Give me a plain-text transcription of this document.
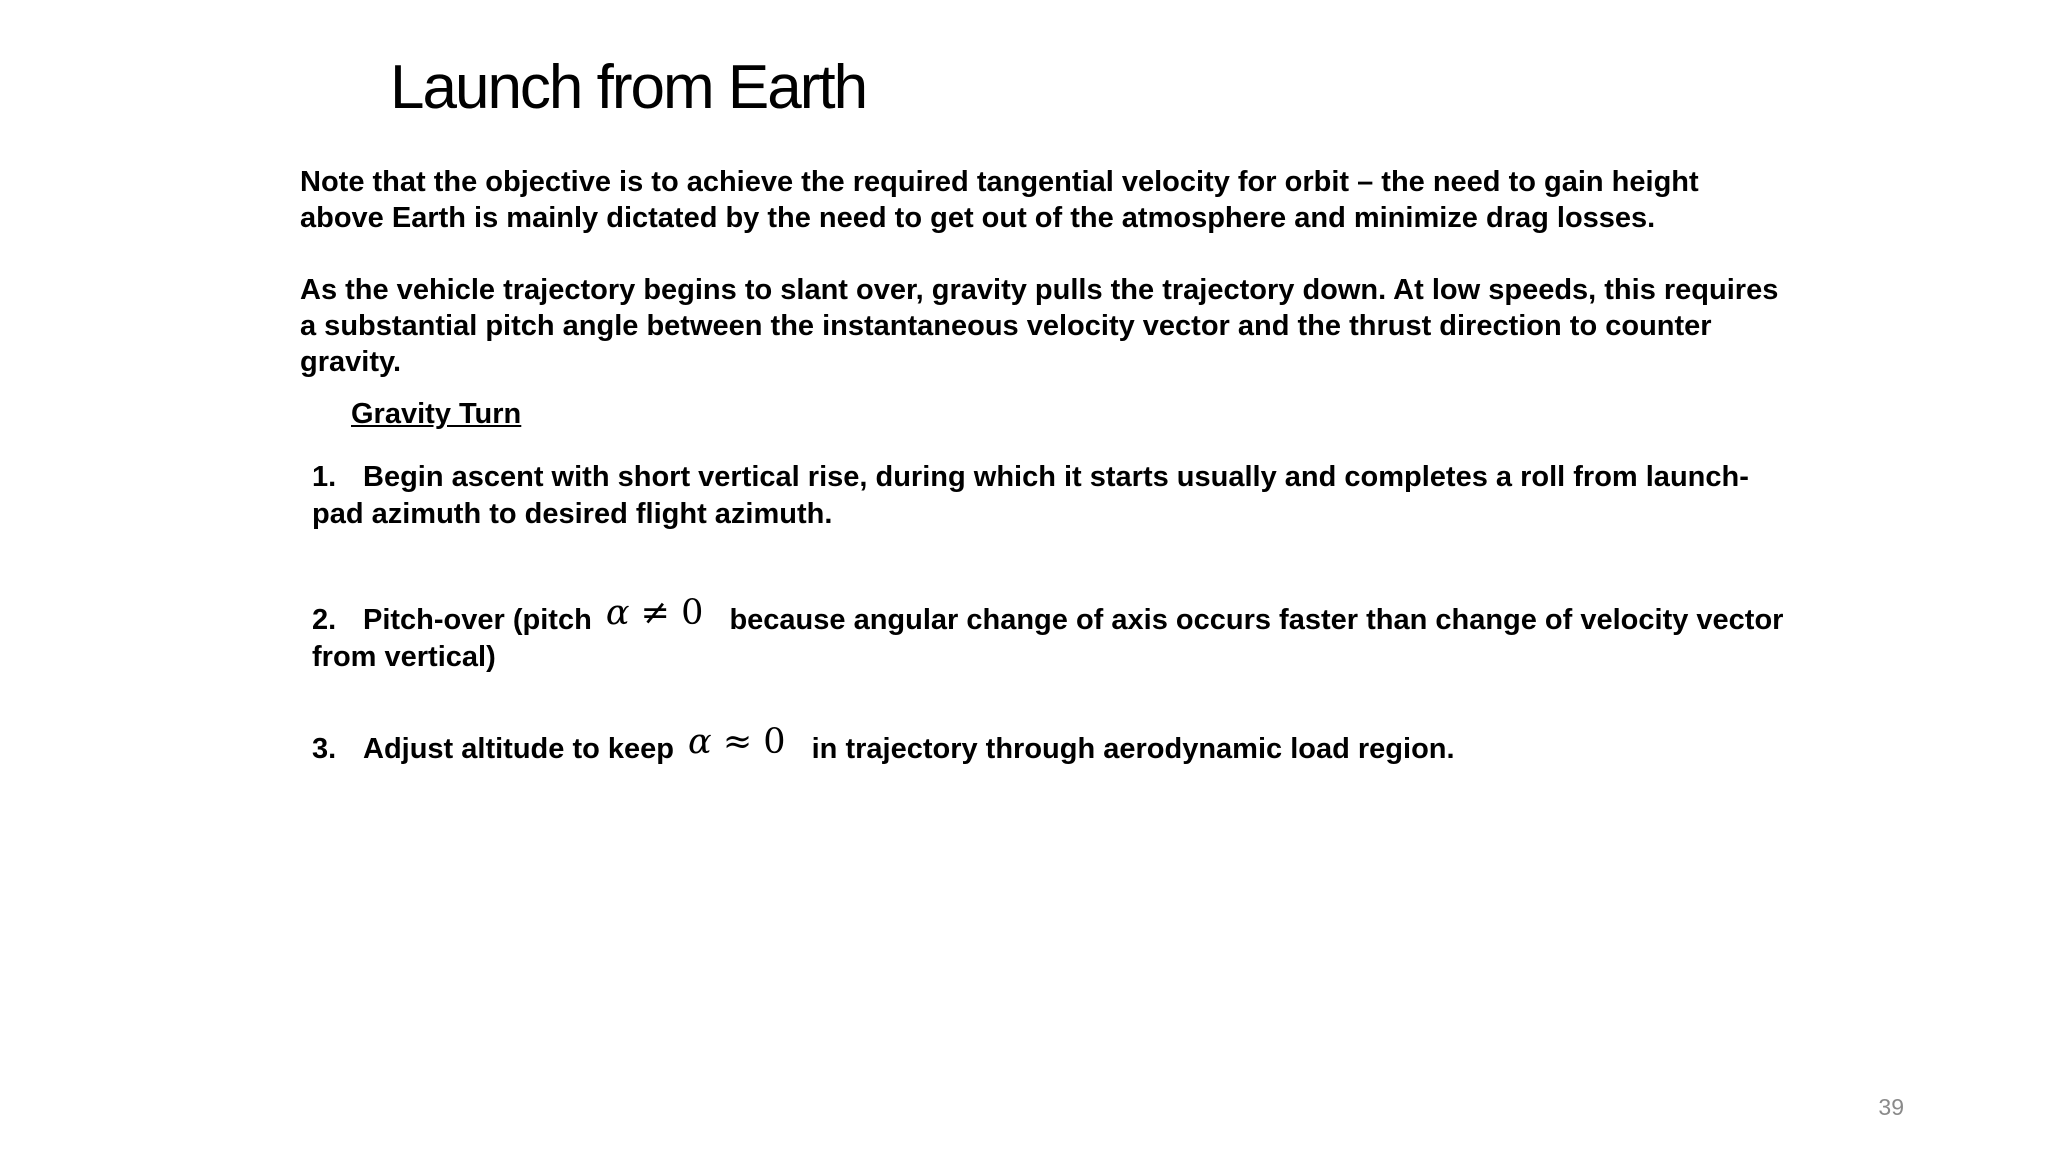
Launch from Earth

Note that the objective is to achieve the required tangential velocity for orbit – the need to gain height above Earth is mainly dictated by the need to get out of the atmosphere and minimize drag losses.

As the vehicle trajectory begins to slant over, gravity pulls the trajectory down. At low speeds, this requires a substantial pitch angle between the instantaneous velocity vector and the thrust direction to counter gravity.

Gravity Turn

1. Begin ascent with short vertical rise, during which it starts usually and completes a roll from launch-pad azimuth to desired flight azimuth.

2. Pitch-over (pitch α ≠ 0 because angular change of axis occurs faster than change of velocity vector from vertical)

3. Adjust altitude to keep α ≈ 0 in trajectory through aerodynamic load region.

39
